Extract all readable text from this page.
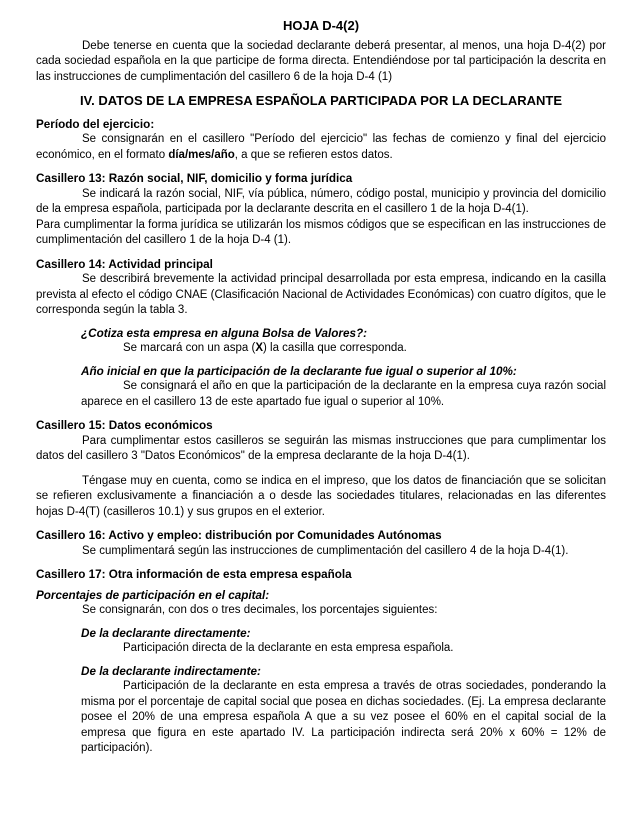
HOJA D-4(2)

Debe tenerse en cuenta que la sociedad declarante deberá presentar, al menos, una hoja D-4(2) por cada sociedad española en la que participe de forma directa. Entendiéndose por tal participación la descrita en las instrucciones de cumplimentación del casillero 6 de la hoja D-4 (1)

IV. DATOS DE LA EMPRESA ESPAÑOLA PARTICIPADA POR LA DECLARANTE
Período del ejercicio:

Se consignarán en el casillero "Período del ejercicio" las fechas de comienzo y final del ejercicio económico, en el formato día/mes/año, a que se refieren estos datos.

Casillero 13: Razón social, NIF, domicilio y forma jurídica

Se indicará la razón social, NIF, vía pública, número, código postal, municipio y provincia del domicilio de la empresa española, participada por la declarante descrita en el casillero 1 de la hoja D-4(1).

Para cumplimentar la forma jurídica se utilizarán los mismos códigos que se especifican en las instrucciones de cumplimentación del casillero 1 de la hoja D-4 (1).

Casillero 14: Actividad principal

Se describirá brevemente la actividad principal desarrollada por esta empresa, indicando en la casilla prevista al efecto el código CNAE (Clasificación Nacional de Actividades Económicas) con cuatro dígitos, que le corresponda según la tabla 3.

¿Cotiza esta empresa en alguna Bolsa de Valores?:

Se marcará con un aspa (X) la casilla que corresponda.

Año inicial en que la participación de la declarante fue igual o superior al 10%:

Se consignará el año en que la participación de la declarante en la empresa cuya razón social aparece en el casillero 13 de este apartado fue igual o superior al 10%.

Casillero 15: Datos económicos

Para cumplimentar estos casilleros se seguirán las mismas instrucciones que para cumplimentar los datos del casillero 3 "Datos Económicos" de la empresa declarante de la hoja D-4(1).

Téngase muy en cuenta, como se indica en el impreso, que los datos de financiación que se solicitan se refieren exclusivamente a financiación a o desde las sociedades titulares, relacionadas en las diferentes hojas D-4(T) (casilleros 10.1) y sus grupos en el exterior.

Casillero 16: Activo y empleo: distribución por Comunidades Autónomas

Se cumplimentará según las instrucciones de cumplimentación del casillero 4 de la hoja D-4(1).

Casillero 17: Otra información de esta empresa española
Porcentajes de participación en el capital:

Se consignarán, con dos o tres decimales, los porcentajes siguientes:

De la declarante directamente:

Participación directa de la declarante en esta empresa española.

De la declarante indirectamente:

Participación de la declarante en esta empresa a través de otras sociedades, ponderando la misma por el porcentaje de capital social que posea en dichas sociedades. (Ej. La empresa declarante posee el 20% de una empresa española A que a su vez posee el 60% en el capital social de la empresa que figura en este apartado IV. La participación indirecta será 20% x 60% = 12% de participación).
